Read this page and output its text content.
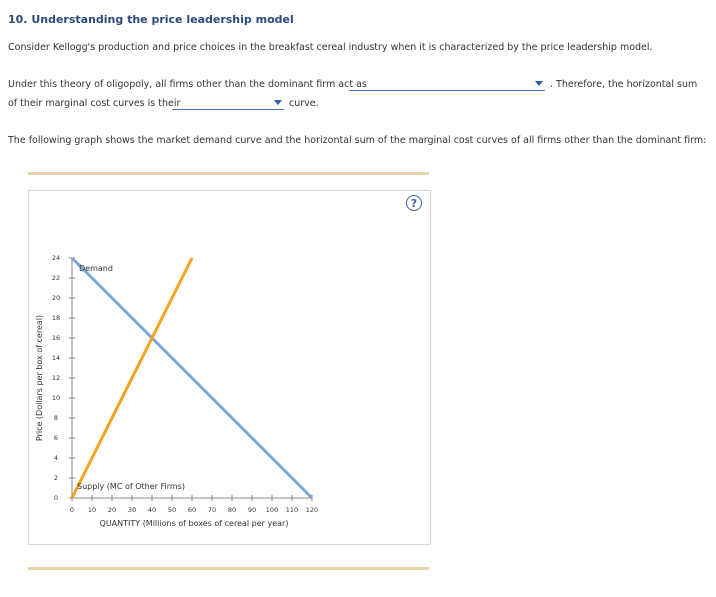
10. Understanding the price leadership model
Consider Kellogg's production and price choices in the breakfast cereal industry when it is characterized by the price leadership model.
Under this theory of oligopoly, all firms other than the dominant firm act as	. Therefore, the horizontal sum
of their marginal cost curves is their	curve.
The following graph shows the market demand curve and the horizontal sum of the marginal cost curves of all firms other than the dominant firm:
?
0 10 20 30 40 50 60 70 80 90 100 110 120
0
2
4
6
8
10
12
14
16
18
20
22
24
Demand
Supply (MC of Other Firms)
QUANTITY (Millions of boxes of cereal per year)
Price (Dollars per box of cereal)
